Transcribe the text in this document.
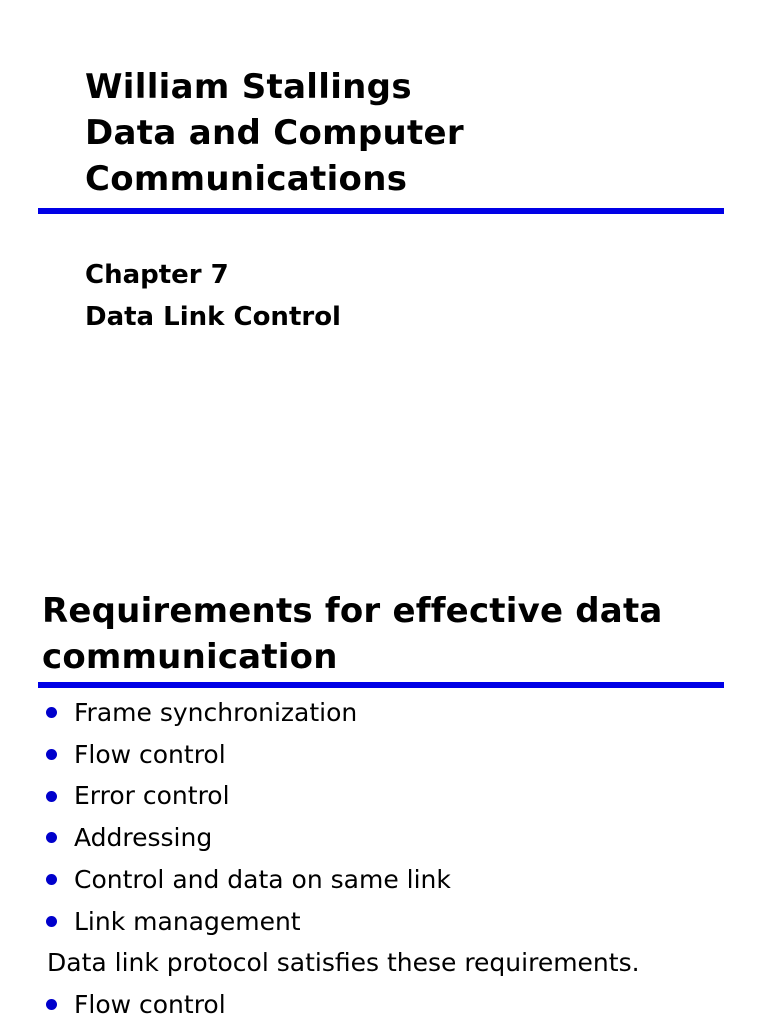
William Stallings
Data and Computer
Communications
Chapter 7
Data Link Control
Requirements for effective data
communication
Frame synchronization
Flow control
Error control
Addressing
Control and data on same link
Link management
Data link protocol satisfies these requirements.
Flow control
